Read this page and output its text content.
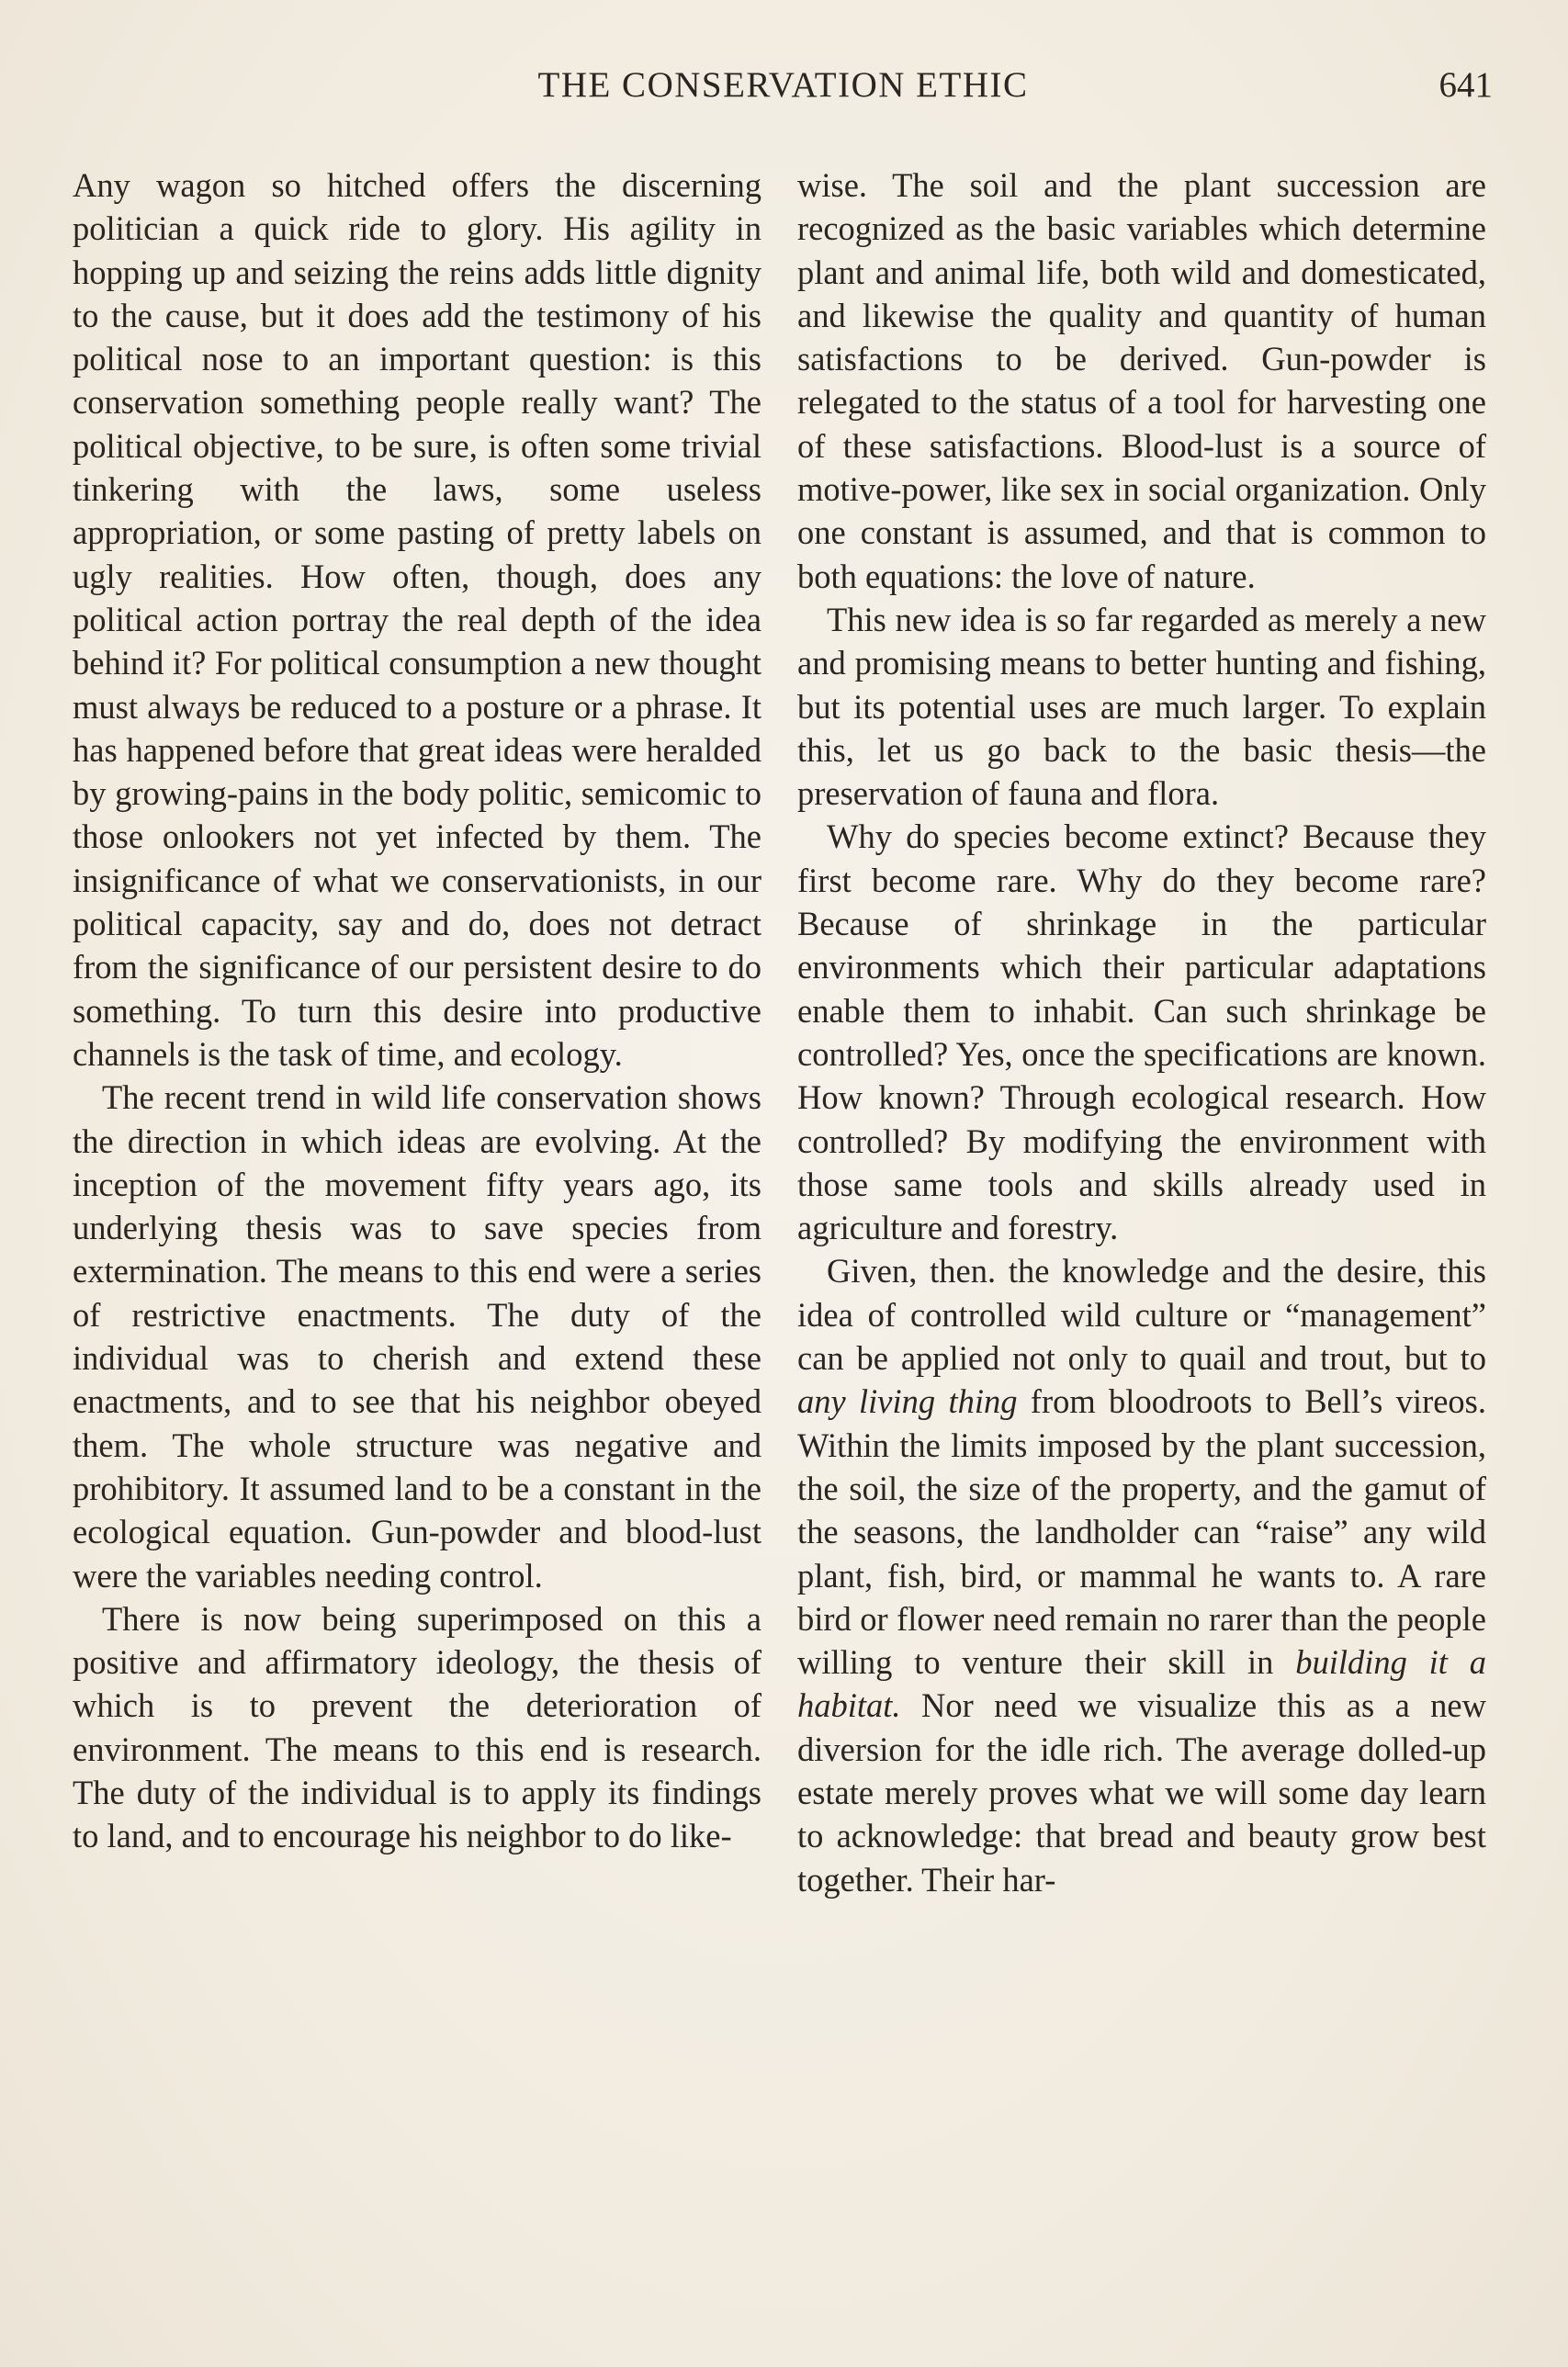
THE CONSERVATION ETHIC	641

Any wagon so hitched offers the discerning politician a quick ride to glory. His agility in hopping up and seizing the reins adds little dignity to the cause, but it does add the testimony of his political nose to an important question: is this conservation something people really want? The political objective, to be sure, is often some trivial tinkering with the laws, some useless appropriation, or some pasting of pretty labels on ugly realities. How often, though, does any political action portray the real depth of the idea behind it? For political consumption a new thought must always be reduced to a posture or a phrase. It has happened before that great ideas were heralded by growing-pains in the body politic, semicomic to those onlookers not yet infected by them. The insignificance of what we conservationists, in our political capacity, say and do, does not detract from the significance of our persistent desire to do something. To turn this desire into productive channels is the task of time, and ecology.

The recent trend in wild life conservation shows the direction in which ideas are evolving. At the inception of the movement fifty years ago, its underlying thesis was to save species from extermination. The means to this end were a series of restrictive enactments. The duty of the individual was to cherish and extend these enactments, and to see that his neighbor obeyed them. The whole structure was negative and prohibitory. It assumed land to be a constant in the ecological equation. Gun-powder and blood-lust were the variables needing control.

There is now being superimposed on this a positive and affirmatory ideology, the thesis of which is to prevent the deterioration of environment. The means to this end is research. The duty of the individual is to apply its findings to land, and to encourage his neighbor to do like-

wise. The soil and the plant succession are recognized as the basic variables which determine plant and animal life, both wild and domesticated, and likewise the quality and quantity of human satisfactions to be derived. Gun-powder is relegated to the status of a tool for harvesting one of these satisfactions. Blood-lust is a source of motive-power, like sex in social organization. Only one constant is assumed, and that is common to both equations: the love of nature.

This new idea is so far regarded as merely a new and promising means to better hunting and fishing, but its potential uses are much larger. To explain this, let us go back to the basic thesis—the preservation of fauna and flora.

Why do species become extinct? Because they first become rare. Why do they become rare? Because of shrinkage in the particular environments which their particular adaptations enable them to inhabit. Can such shrinkage be controlled? Yes, once the specifications are known. How known? Through ecological research. How controlled? By modifying the environment with those same tools and skills already used in agriculture and forestry.

Given, then. the knowledge and the desire, this idea of controlled wild culture or “management” can be applied not only to quail and trout, but to any living thing from bloodroots to Bell’s vireos. Within the limits imposed by the plant succession, the soil, the size of the property, and the gamut of the seasons, the landholder can “raise” any wild plant, fish, bird, or mammal he wants to. A rare bird or flower need remain no rarer than the people willing to venture their skill in building it a habitat. Nor need we visualize this as a new diversion for the idle rich. The average dolled-up estate merely proves what we will some day learn to acknowledge: that bread and beauty grow best together. Their har-
